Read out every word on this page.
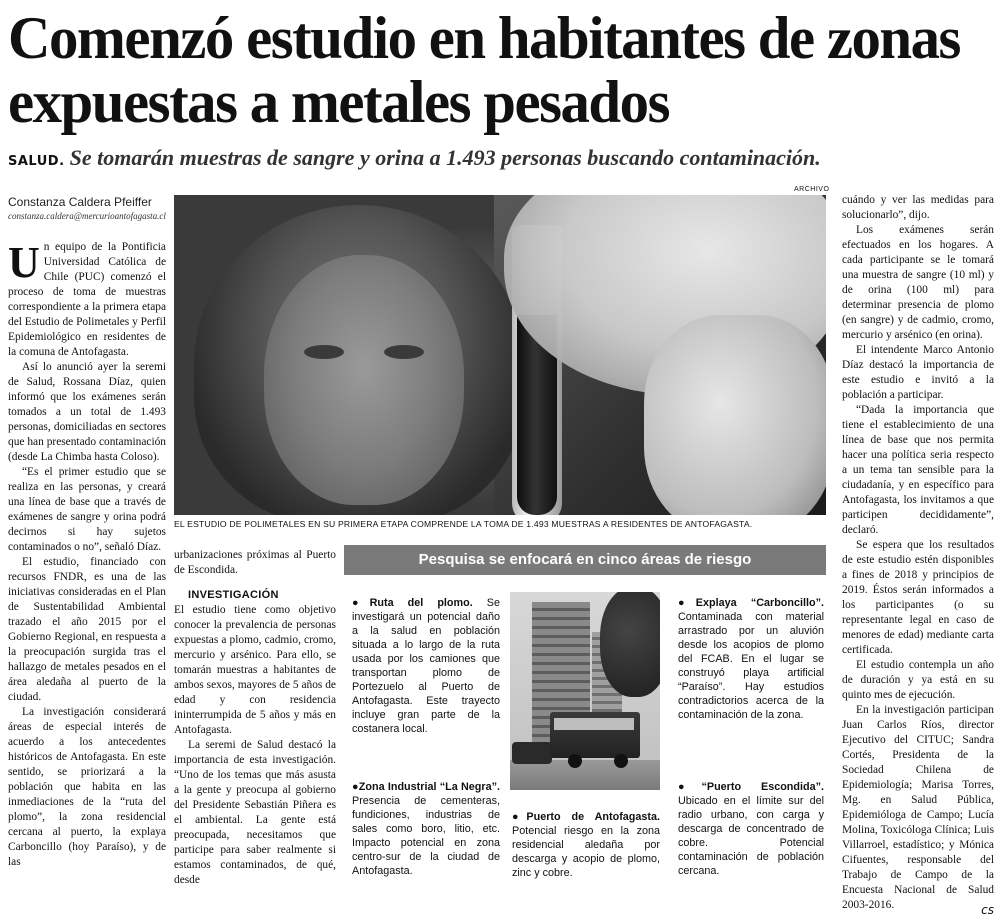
Comenzó estudio en habitantes de zonas expuestas a metales pesados
SALUD. Se tomarán muestras de sangre y orina a 1.493 personas buscando contaminación.
Constanza Caldera Pfeiffer
constanza.caldera@mercurioantofagasta.cl

Un equipo de la Pontificia Universidad Católica de Chile (PUC) comenzó el proceso de toma de muestras correspondiente a la primera etapa del Estudio de Polimetales y Perfil Epidemiológico en residentes de la comuna de Antofagasta.

Así lo anunció ayer la seremi de Salud, Rossana Díaz, quien informó que los exámenes serán tomados a un total de 1.493 personas, domiciliadas en sectores que han presentado contaminación (desde La Chimba hasta Coloso).

“Es el primer estudio que se realiza en las personas, y creará una línea de base que a través de exámenes de sangre y orina podrá decirnos si hay sujetos contaminados o no”, señaló Díaz.

El estudio, financiado con recursos FNDR, es una de las iniciativas consideradas en el Plan de Sustentabilidad Ambiental trazado el año 2015 por el Gobierno Regional, en respuesta a la preocupación surgida tras el hallazgo de metales pesados en el área aledaña al puerto de la ciudad.

La investigación considerará áreas de especial interés de acuerdo a los antecedentes históricos de Antofagasta. En este sentido, se priorizará a la población que habita en las inmediaciones de la “ruta del plomo”, la zona residencial cercana al puerto, la explaya Carboncillo (hoy Paraíso), y de las

ARCHIVO
EL ESTUDIO DE POLIMETALES EN SU PRIMERA ETAPA COMPRENDE LA TOMA DE 1.493 MUESTRAS A RESIDENTES DE ANTOFAGASTA.

urbanizaciones próximas al Puerto de Escondida.

INVESTIGACIÓN

El estudio tiene como objetivo conocer la prevalencia de personas expuestas a plomo, cadmio, cromo, mercurio y arsénico. Para ello, se tomarán muestras a habitantes de ambos sexos, mayores de 5 años de edad y con residencia ininterrumpida de 5 años y más en Antofagasta.

La seremi de Salud destacó la importancia de esta investigación. “Uno de los temas que más asusta a la gente y preocupa al gobierno del Presidente Sebastián Piñera es el ambiental. La gente está preocupada, necesitamos que participe para saber realmente si estamos contaminados, de qué, desde

Pesquisa se enfocará en cinco áreas de riesgo
●Ruta del plomo. Se investigará un potencial daño a la salud en población situada a lo largo de la ruta usada por los camiones que transportan plomo de Portezuelo al Puerto de Antofagasta. Este trayecto incluye gran parte de la costanera local.
●Zona Industrial “La Negra”. Presencia de cementeras, fundiciones, industrias de sales como boro, litio, etc. Impacto potencial en zona centro-sur de la ciudad de Antofagasta.
●Puerto de Antofagasta. Potencial riesgo en la zona residencial aledaña por descarga y acopio de plomo, zinc y cobre.
●Explaya “Carboncillo”. Contaminada con material arrastrado por un aluvión desde los acopios de plomo del FCAB. En el lugar se construyó playa artificial “Paraíso”. Hay estudios contradictorios acerca de la contaminación de la zona.
●“Puerto Escondida”. Ubicado en el límite sur del radio urbano, con carga y descarga de concentrado de cobre. Potencial contaminación de población cercana.

cuándo y ver las medidas para solucionarlo”, dijo.

Los exámenes serán efectuados en los hogares. A cada participante se le tomará una muestra de sangre (10 ml) y de orina (100 ml) para determinar presencia de plomo (en sangre) y de cadmio, cromo, mercurio y arsénico (en orina).

El intendente Marco Antonio Díaz destacó la importancia de este estudio e invitó a la población a participar.

“Dada la importancia que tiene el establecimiento de una línea de base que nos permita hacer una política seria respecto a un tema tan sensible para la ciudadanía, y en específico para Antofagasta, los invitamos a que participen decididamente”, declaró.

Se espera que los resultados de este estudio estén disponibles a fines de 2018 y principios de 2019. Éstos serán informados a los participantes (o su representante legal en caso de menores de edad) mediante carta certificada.

El estudio contempla un año de duración y ya está en su quinto mes de ejecución.

En la investigación participan Juan Carlos Ríos, director Ejecutivo del CITUC; Sandra Cortés, Presidenta de la Sociedad Chilena de Epidemiología; Marisa Torres, Mg. en Salud Pública, Epidemióloga de Campo; Lucía Molina, Toxicóloga Clínica; Luis Villarroel, estadístico; y Mónica Cifuentes, responsable del Trabajo de Campo de la Encuesta Nacional de Salud 2003-2016.	cs
